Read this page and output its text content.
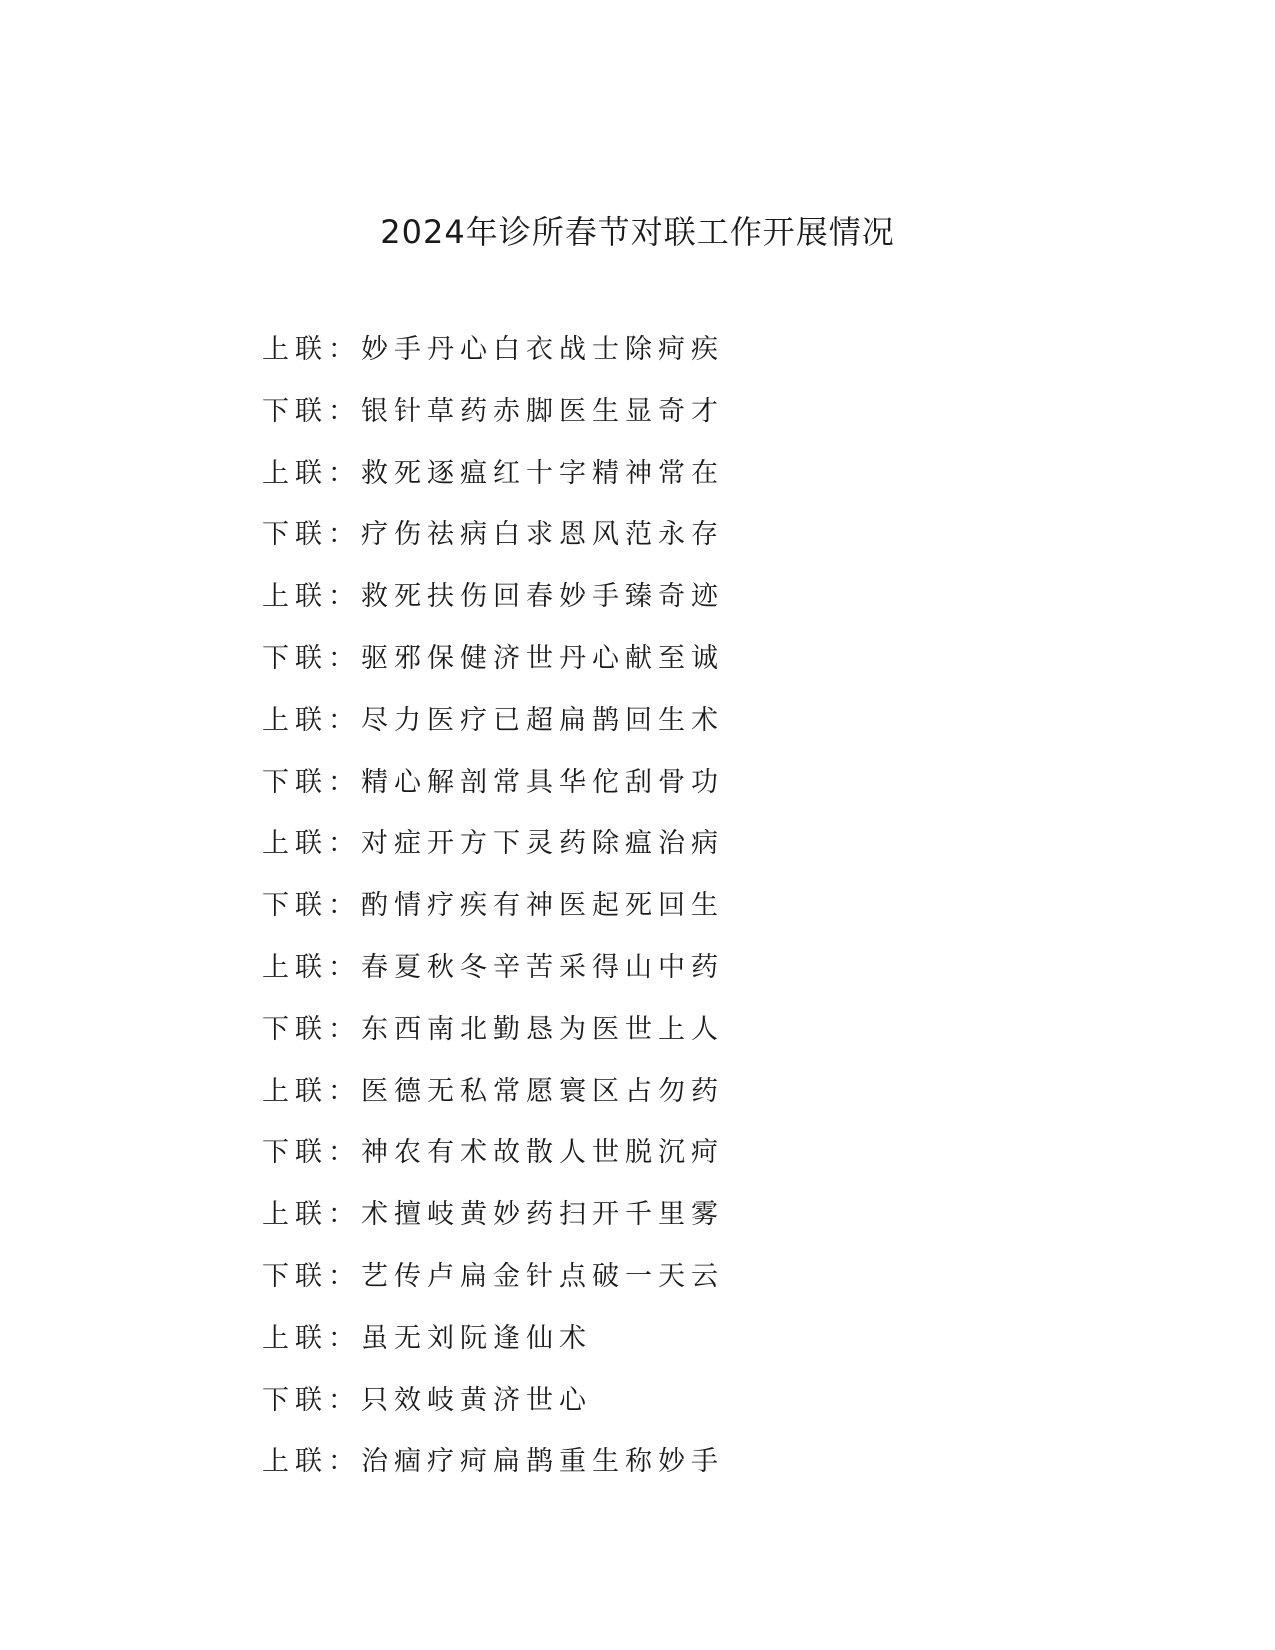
2024年诊所春节对联工作开展情况
上联：妙手丹心白衣战士除疴疾
下联：银针草药赤脚医生显奇才
上联：救死逐瘟红十字精神常在
下联：疗伤祛病白求恩风范永存
上联：救死扶伤回春妙手臻奇迹
下联：驱邪保健济世丹心献至诚
上联：尽力医疗已超扁鹊回生术
下联：精心解剖常具华佗刮骨功
上联：对症开方下灵药除瘟治病
下联：酌情疗疾有神医起死回生
上联：春夏秋冬辛苦采得山中药
下联：东西南北勤恳为医世上人
上联：医德无私常愿寰区占勿药
下联：神农有术故散人世脱沉疴
上联：术擅岐黄妙药扫开千里雾
下联：艺传卢扁金针点破一天云
上联：虽无刘阮逢仙术
下联：只效岐黄济世心
上联：治痼疗疴扁鹊重生称妙手
